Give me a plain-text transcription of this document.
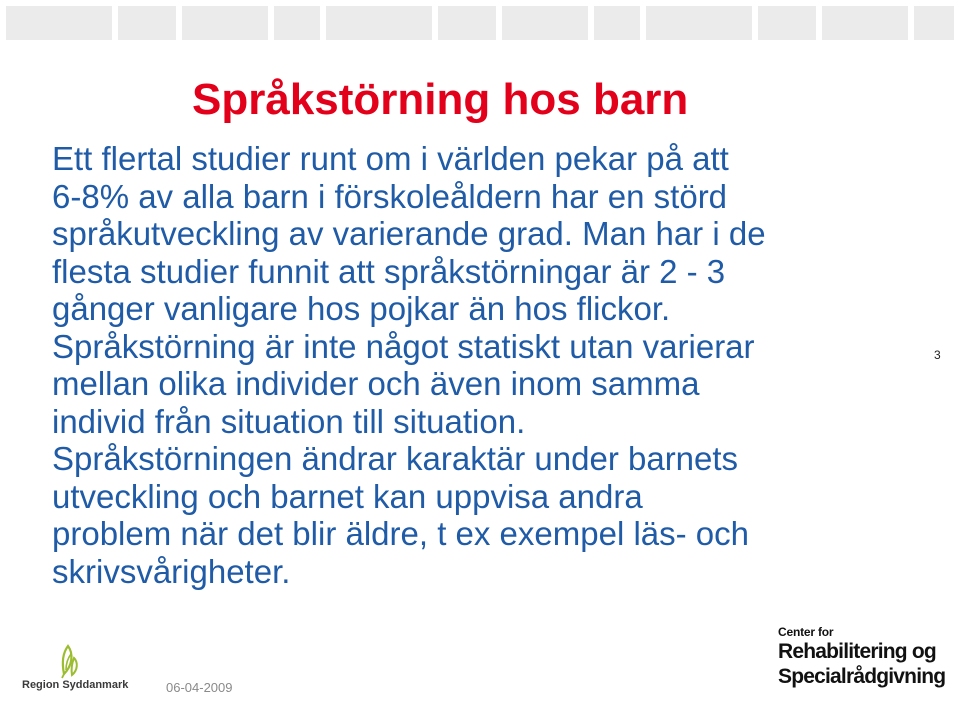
Språkstörning hos barn
Ett flertal studier runt om i världen pekar på att
6-8% av alla barn i förskoleåldern har en störd
språkutveckling av varierande grad. Man har i de
flesta studier funnit att språkstörningar är 2 - 3
gånger vanligare hos pojkar än hos flickor.
Språkstörning är inte något statiskt utan varierar
mellan olika individer och även inom samma
individ från situation till situation.
Språkstörningen ändrar karaktär under barnets
utveckling och barnet kan uppvisa andra
problem när det blir äldre, t ex exempel läs- och
skrivsvårigheter.
3
Region Syddanmark	06-04-2009
Center for
Rehabilitering og
Specialrådgivning
